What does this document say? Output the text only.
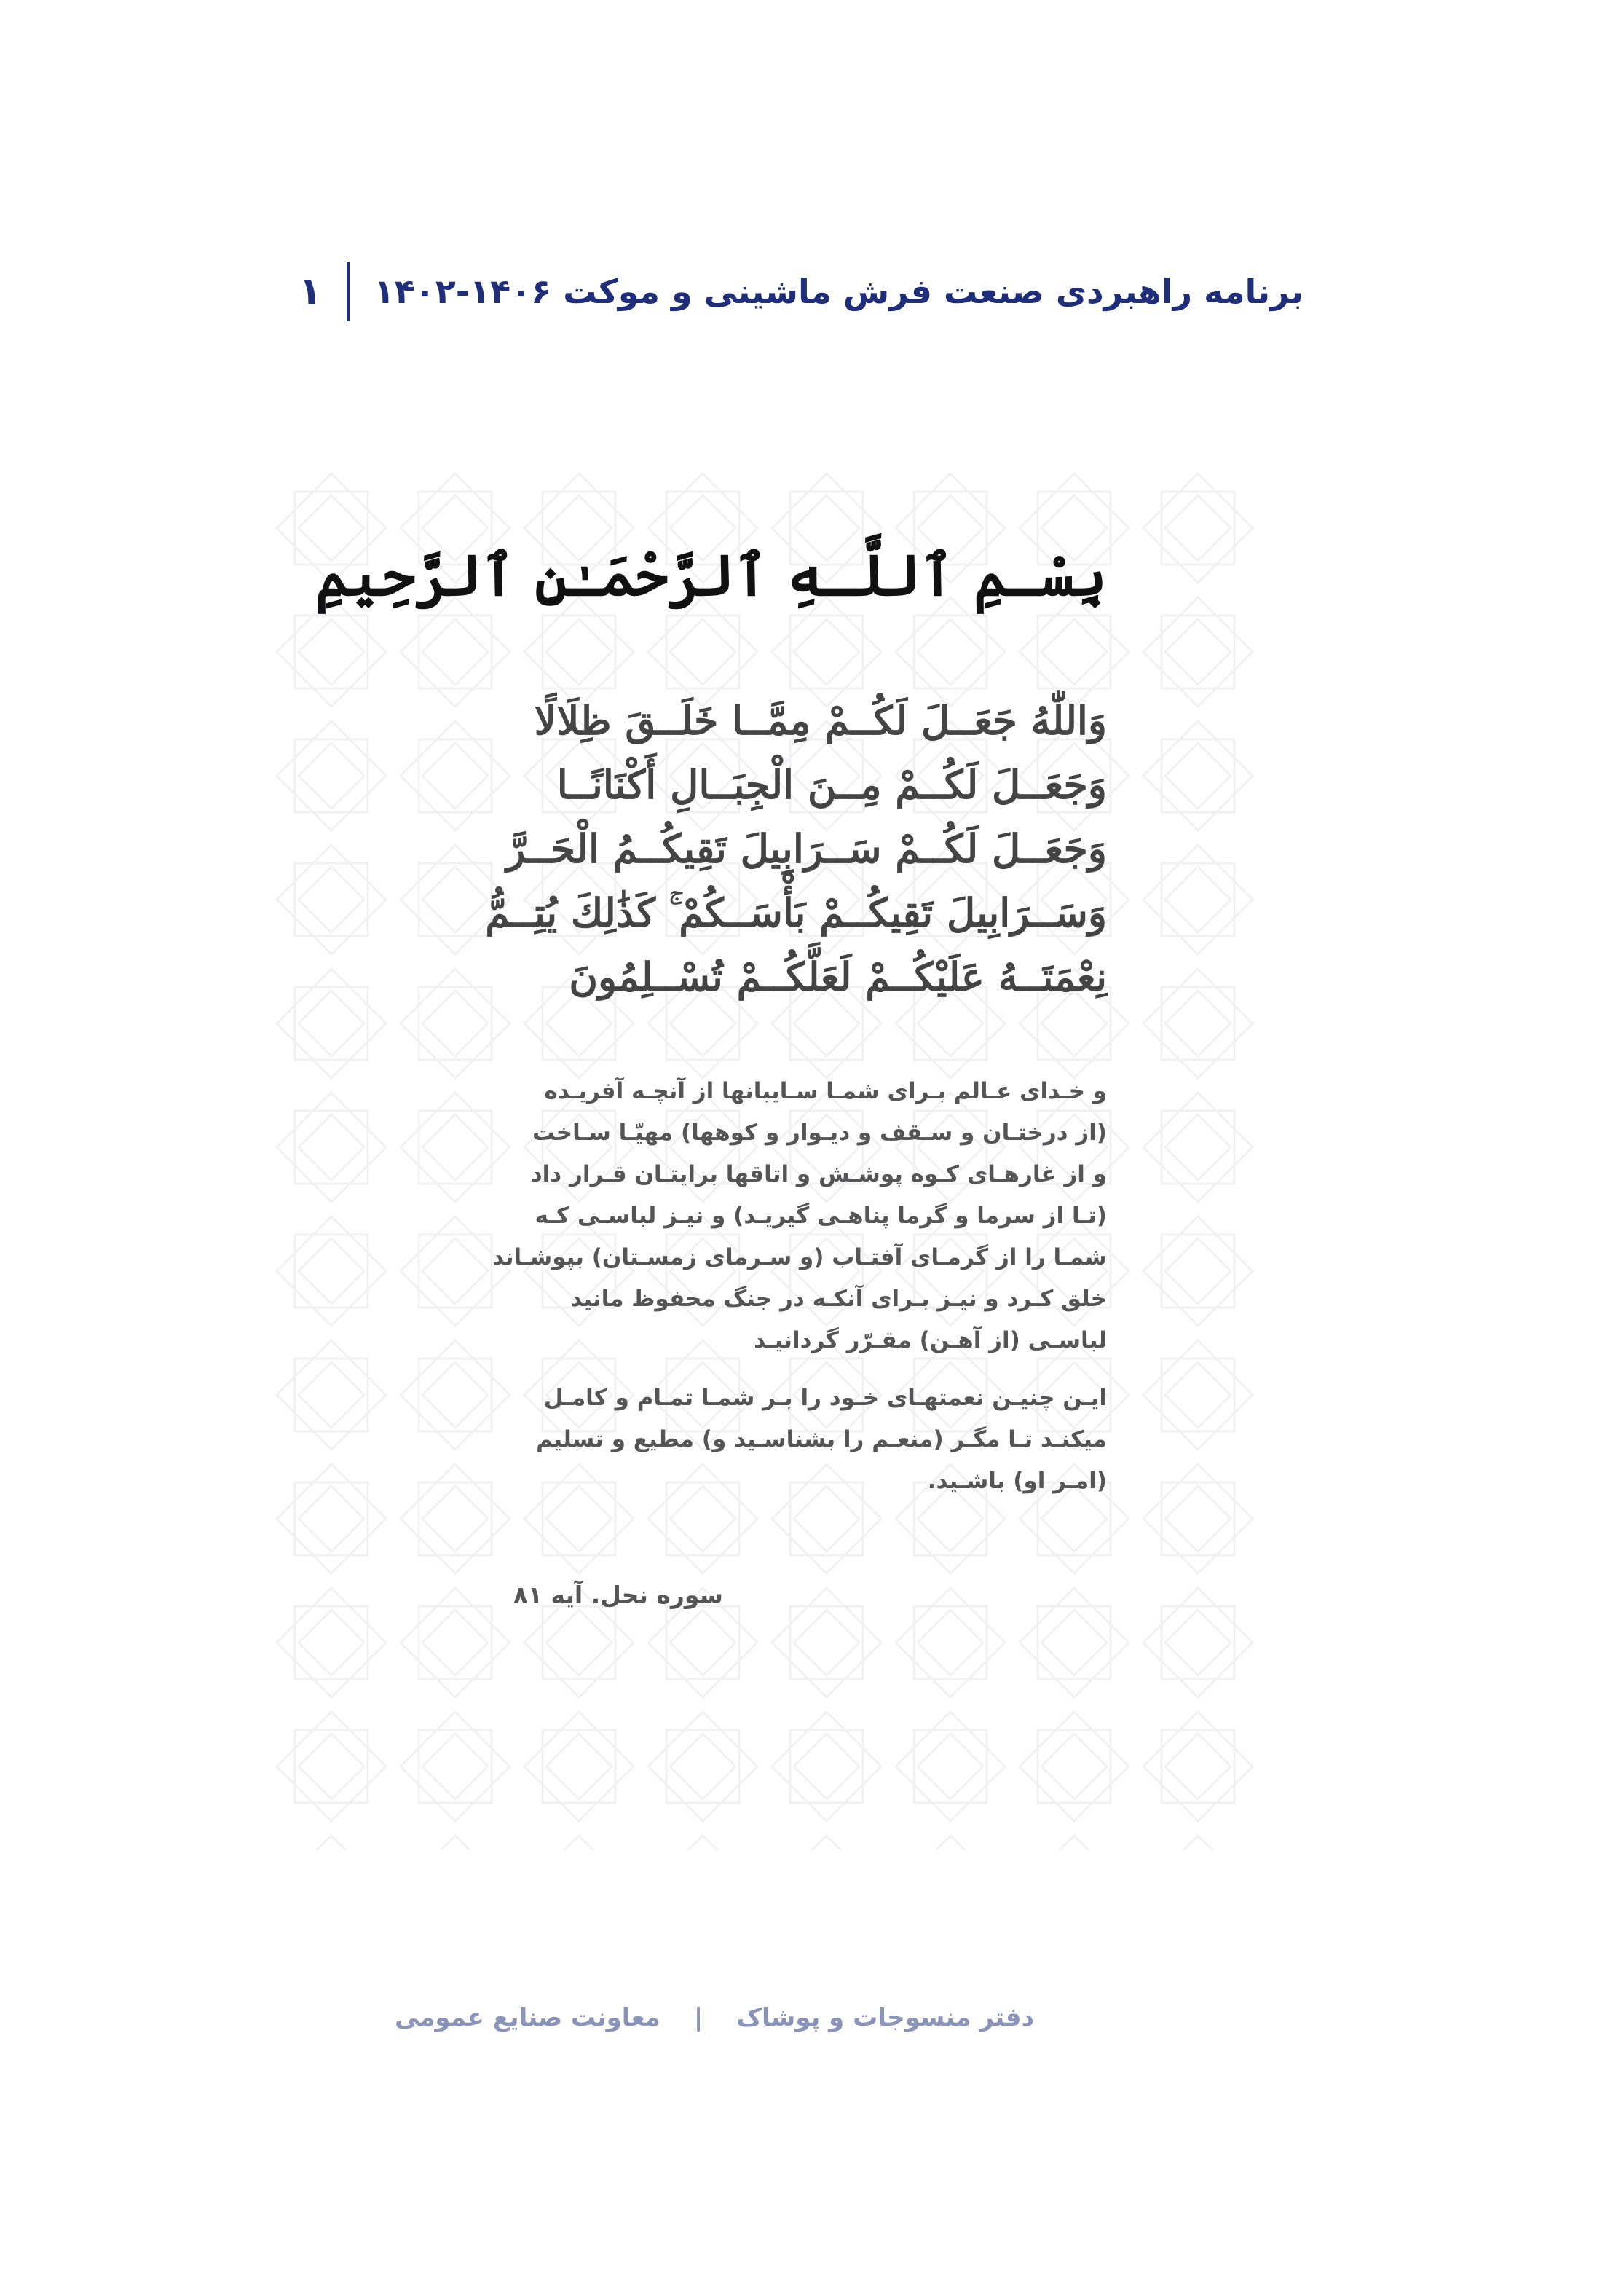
برنامه راهبردی صنعت فرش ماشینی و موکت ۱۴۰۶-۱۴۰۲
۱
بِسْـمِ ٱللَّـهِ ٱلرَّحْمَـٰنِ ٱلرَّحِيمِ
وَاللّٰهُ جَعَــلَ لَكُــمْ مِمَّــا خَلَــقَ ظِلَالًا
وَجَعَــلَ لَكُــمْ مِــنَ الْجِبَــالِ أَكْنَانًــا
وَجَعَــلَ لَكُــمْ سَــرَابِيلَ تَقِيكُــمُ الْحَــرَّ
وَسَــرَابِيلَ تَقِيكُــمْ بَأْسَــكُمْ ۚ كَذَٰلِكَ يُتِــمُّ
نِعْمَتَــهُ عَلَيْكُــمْ لَعَلَّكُــمْ تُسْــلِمُونَ
و خـدای عـالم بـرای شمـا سـایبانها از آنچـه آفریـده
(از درختـان و سـقف و دیـوار و کوهها) مهیّـا سـاخت
و از غارهـای کـوه پوشـش و اتاقها برایتـان قـرار داد
(تـا از سرما و گرما پناهـی گیریـد) و نیـز لباسـی کـه
شمـا را از گرمـای آفتـاب (و سـرمای زمسـتان) بپوشـاند
خلق کـرد و نیـز بـرای آنکـه در جنگ محفوظ مانید
لباسـی (از آهـن) مقـرّر گردانیـد
ایـن چنیـن نعمتهـای خـود را بـر شمـا تمـام و کامـل
میکنـد تـا مگـر (منعـم را بشناسـید و) مطیع و تسلیم
(امـر او) باشـید.
سوره نحل. آیه ۸۱
دفتر منسوجات و پوشاک
|
معاونت صنایع عمومی
